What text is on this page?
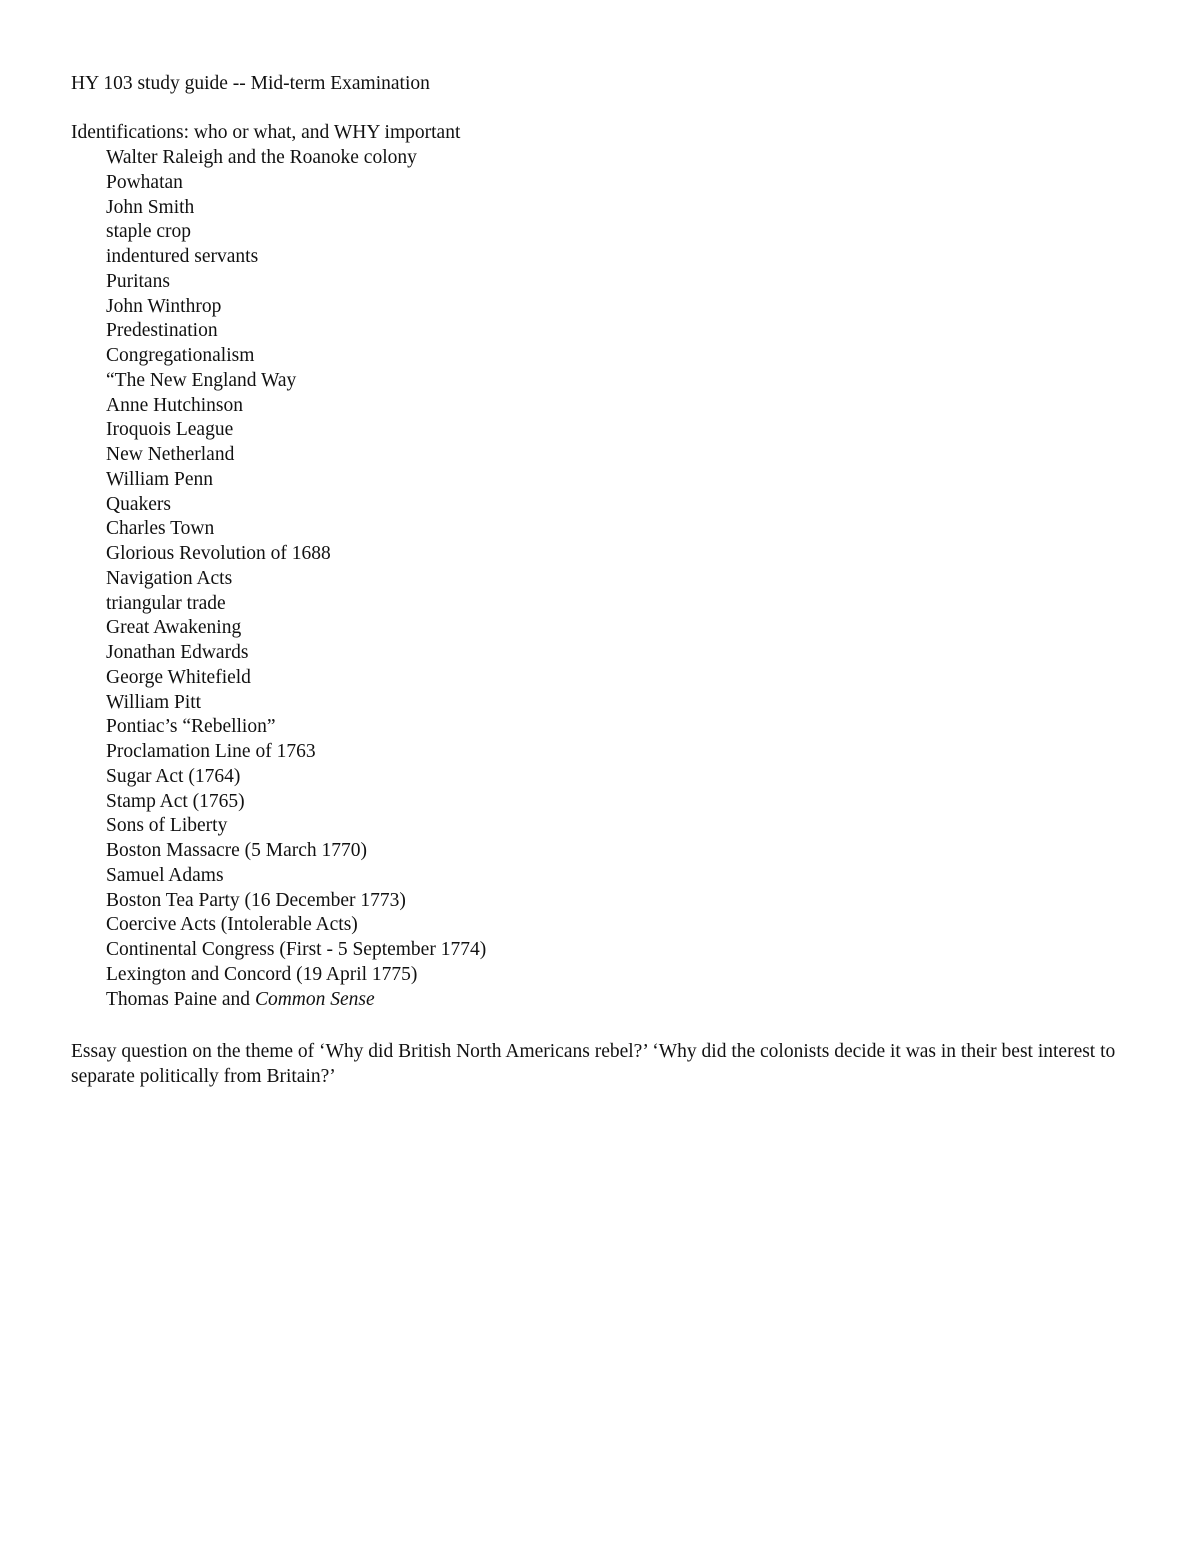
HY 103 study guide -- Mid-term Examination
Identifications: who or what, and WHY important
Walter Raleigh and the Roanoke colony
Powhatan
John Smith
staple crop
indentured servants
Puritans
John Winthrop
Predestination
Congregationalism
“The New England Way
Anne Hutchinson
Iroquois League
New Netherland
William Penn
Quakers
Charles Town
Glorious Revolution of 1688
Navigation Acts
triangular trade
Great Awakening
Jonathan Edwards
George Whitefield
William Pitt
Pontiac’s “Rebellion”
Proclamation Line of 1763
Sugar Act (1764)
Stamp Act (1765)
Sons of Liberty
Boston Massacre (5 March 1770)
Samuel Adams
Boston Tea Party (16 December 1773)
Coercive Acts (Intolerable Acts)
Continental Congress (First - 5 September 1774)
Lexington and Concord (19 April 1775)
Thomas Paine and Common Sense

Essay question on the theme of ‘Why did British North Americans rebel?’ ‘Why did the colonists decide it was in their best interest to separate politically from Britain?’
